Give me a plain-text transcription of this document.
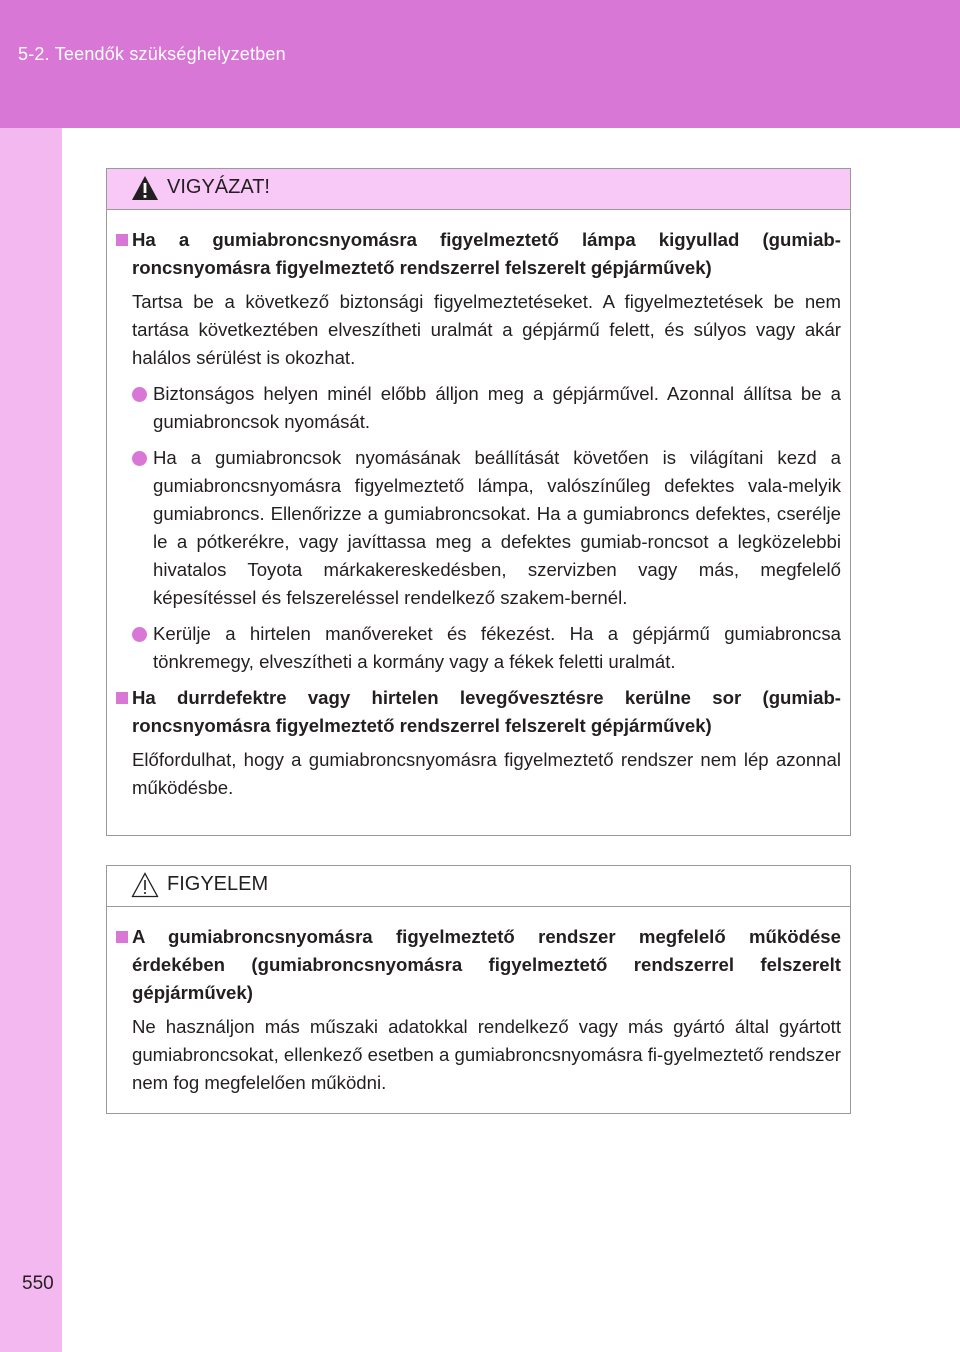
5-2. Teendők szükséghelyzetben
550
VIGYÁZAT!
Ha a gumiabroncsnyomásra figyelmeztető lámpa kigyullad (gumiab-roncsnyomásra figyelmeztető rendszerrel felszerelt gépjárművek)
Tartsa be a következő biztonsági figyelmeztetéseket. A figyelmeztetések be nem tartása következtében elveszítheti uralmát a gépjármű felett, és súlyos vagy akár halálos sérülést is okozhat.
Biztonságos helyen minél előbb álljon meg a gépjárművel. Azonnal állítsa be a gumiabroncsok nyomását.
Ha a gumiabroncsok nyomásának beállítását követően is világítani kezd a gumiabroncsnyomásra figyelmeztető lámpa, valószínűleg defektes vala-melyik gumiabroncs. Ellenőrizze a gumiabroncsokat. Ha a gumiabroncs defektes, cserélje le a pótkerékre, vagy javíttassa meg a defektes gumiab-roncsot a legközelebbi hivatalos Toyota márkakereskedésben, szervizben vagy más, megfelelő képesítéssel és felszereléssel rendelkező szakem-bernél.
Kerülje a hirtelen manővereket és fékezést. Ha a gépjármű gumiabroncsa tönkremegy, elveszítheti a kormány vagy a fékek feletti uralmát.
Ha durrdefektre vagy hirtelen levegővesztésre kerülne sor (gumiab-roncsnyomásra figyelmeztető rendszerrel felszerelt gépjárművek)
Előfordulhat, hogy a gumiabroncsnyomásra figyelmeztető rendszer nem lép azonnal működésbe.
FIGYELEM
A gumiabroncsnyomásra figyelmeztető rendszer megfelelő működése érdekében (gumiabroncsnyomásra figyelmeztető rendszerrel felszerelt gépjárművek)
Ne használjon más műszaki adatokkal rendelkező vagy más gyártó által gyártott gumiabroncsokat, ellenkező esetben a gumiabroncsnyomásra fi-gyelmeztető rendszer nem fog megfelelően működni.
